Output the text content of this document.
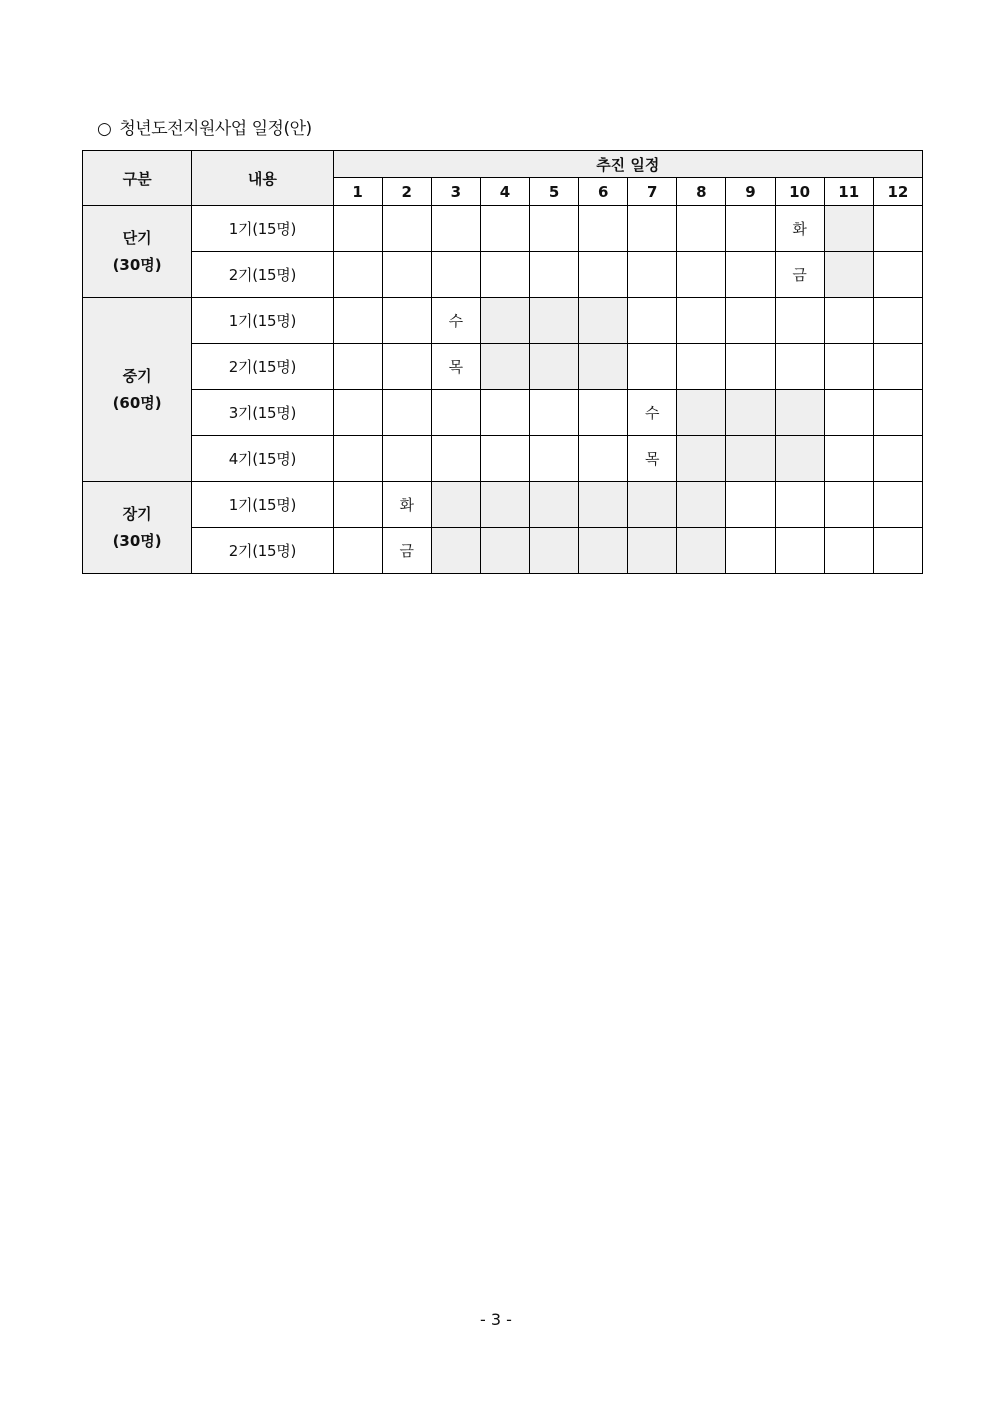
○ 청년도전지원사업 일정(안)
구분	내용	추진 일정											
		1	2	3	4	5	6	7	8	9	10	11	12

단기
(30명)	1기(15명)										화		
	2기(15명)										금		

중기
(60명)	1기(15명)			수									
	2기(15명)			목									
	3기(15명)							수					
	4기(15명)							목					

장기
(30명)	1기(15명)		화										
	2기(15명)		금										
- 3 -
